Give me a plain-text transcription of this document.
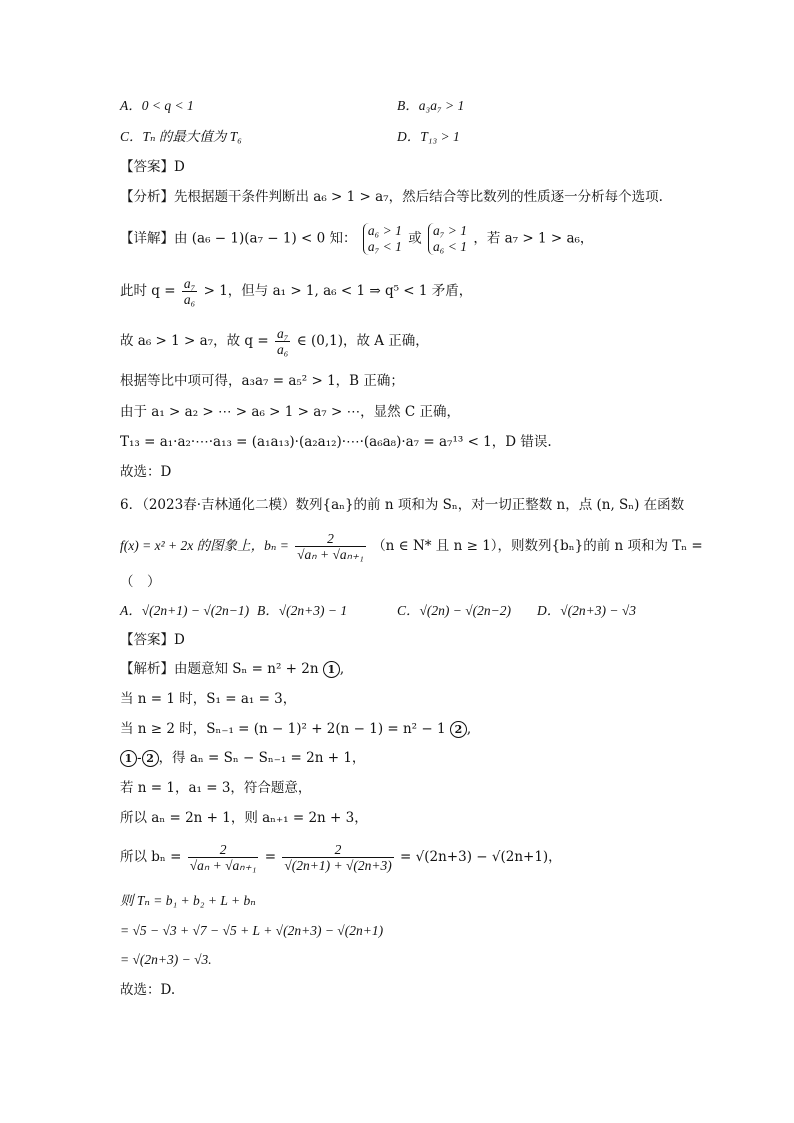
A．0 < q < 1	B．a₃a₇ > 1
C．Tₙ 的最大值为 T₆	D．T₁₃ > 1
【答案】D
【分析】先根据题干条件判断出 a₆ > 1 > a₇，然后结合等比数列的性质逐一分析每个选项.
【详解】由 (a₆ − 1)(a₇ − 1) < 0 知： a₆ > 1
a₇ < 1 或 a₇ > 1
a₆ < 1 ，若 a₇ > 1 > a₆，
此时 $q = \frac{\text{a₇}}{\text{a₆}} > 1$，但与 a₁ > 1, a₆ < 1 ⇒ q⁵ < 1 矛盾，
故 a₆ > 1 > a₇，故 $q = \frac{\text{a₇}}{\text{a₆}}$ ∈ (0,1)，故 A 正确，
根据等比中项可得，a₃a₇ = a₅² > 1，B 正确；
由于 a₁ > a₂ > ⋯ > a₆ > 1 > a₇ > ⋯，显然 C 正确，
T₁₃ = a₁·a₂·⋯·a₁₃ = (a₁a₁₃)·(a₂a₁₂)·⋯·(a₆a₈)·a₇ = a₇¹³ < 1，D 错误.
故选：D
6．（2023春·吉林通化二模）数列{aₙ}的前 n 项和为 Sₙ，对一切正整数 n，点 (n, Sₙ) 在函数
f(x) = x² + 2x 的图象上，$b_n = \frac{2}{\text{√aₙ + √aₙ₊₁}} (n$ ∈ N* 且 n ≥ 1），则数列{bₙ}的前 n 项和为 Tₙ =
（　）
A．√(2n+1) − √(2n−1) B．√(2n+3) − 1	C．√(2n) − √(2n−2) D．√(2n+3) − √3
【答案】D
【解析】由题意知 Sₙ = n² + 2n 1 ,
当 n = 1 时，S₁ = a₁ = 3，
当 n ≥ 2 时，Sₙ₋₁ = (n − 1)² + 2(n − 1) = n² − 1 2 ,
1 - 2 ，得 aₙ = Sₙ − Sₙ₋₁ = 2n + 1，
若 n = 1，a₁ = 3，符合题意，
所以 aₙ = 2n + 1，则 aₙ₊₁ = 2n + 3，
所以 $b_n = \frac{2}{\text{√aₙ + √aₙ₊₁}} = \frac{2}{√(2n+1) + √(2n+3)} = √(2n+3) - √(2n+1)$，
则 Tₙ = b₁ + b₂ + L + bₙ
= √5 − √3 + √7 − √5 + L + √(2n+3) − √(2n+1)
= √(2n+3) − √3.
故选：D.
